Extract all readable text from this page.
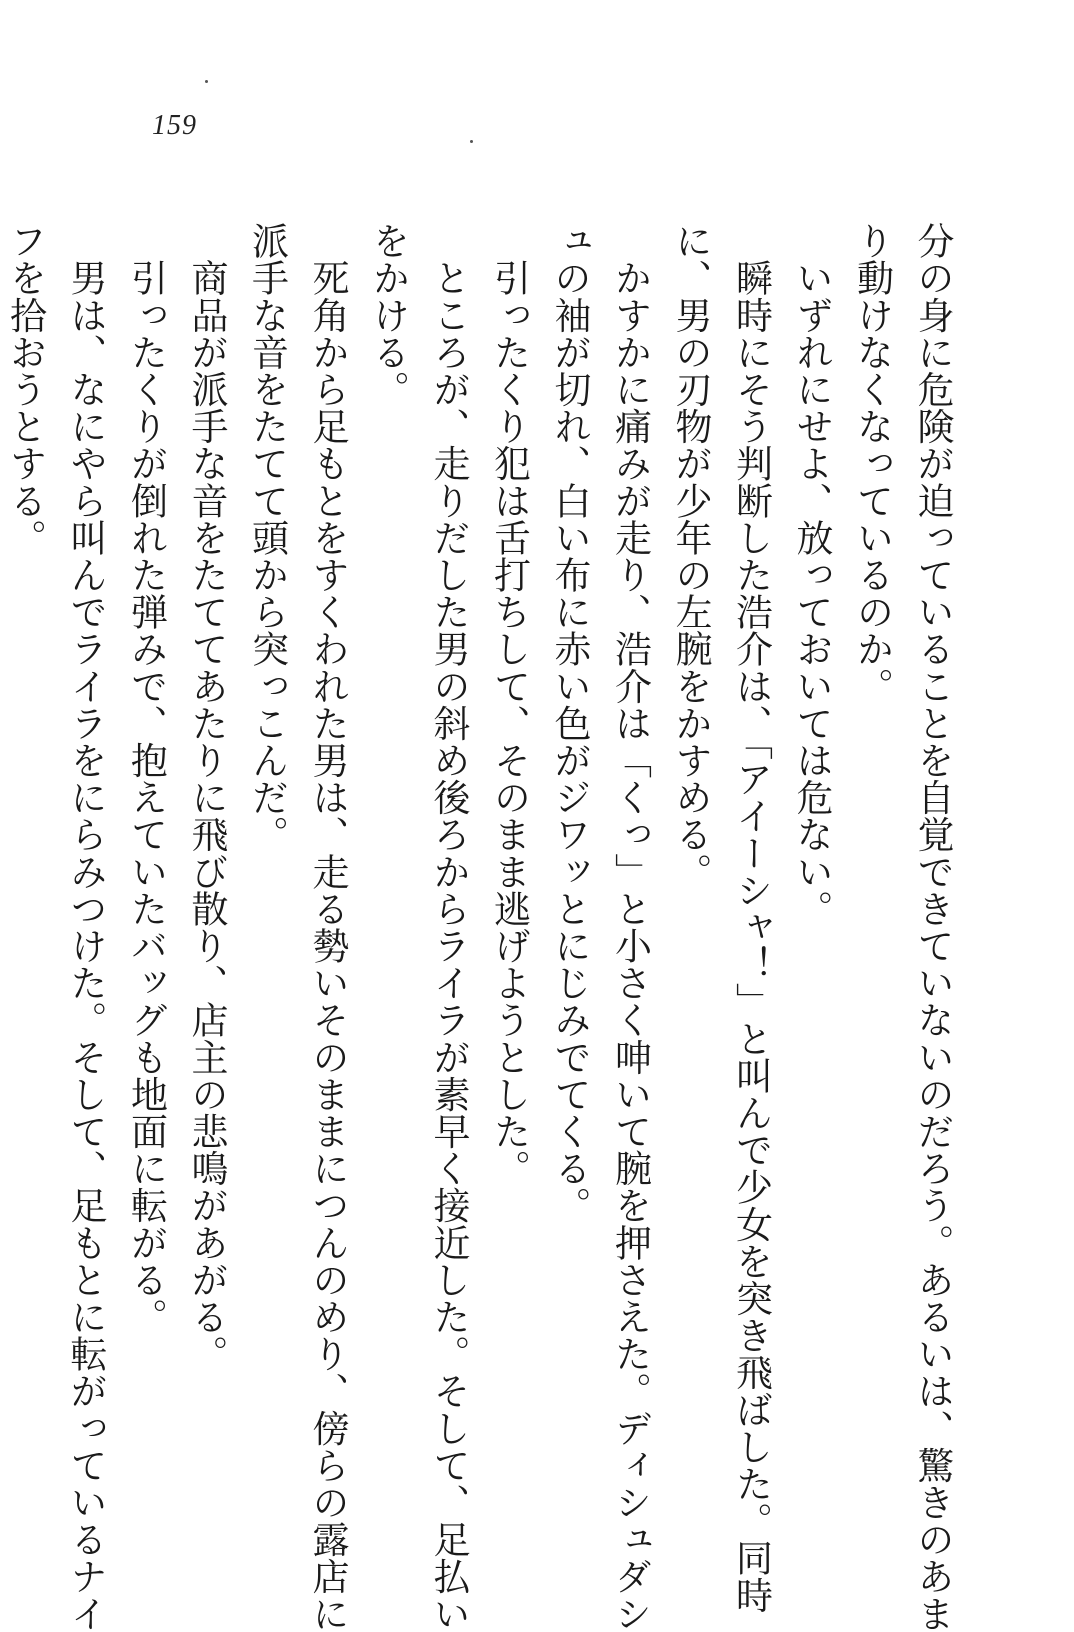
159
分の身に危険が迫っていることを自覚できていないのだろう。あるいは、驚きのあま
り動けなくなっているのか。
　いずれにせよ、放っておいては危ない。
　瞬時にそう判断した浩介は、「アイーシャ！」と叫んで少女を突き飛ばした。同時
に、男の刃物が少年の左腕をかすめる。
　かすかに痛みが走り、浩介は「くっ」と小さく呻いて腕を押さえた。ディシュダシ
ュの袖が切れ、白い布に赤い色がジワッとにじみでてくる。
　引ったくり犯は舌打ちして、そのまま逃げようとした。
　ところが、走りだした男の斜め後ろからライラが素早く接近した。そして、足払い
をかける。
　死角から足もとをすくわれた男は、走る勢いそのままにつんのめり、傍らの露店に
派手な音をたてて頭から突っこんだ。
　商品が派手な音をたててあたりに飛び散り、店主の悲鳴があがる。
　引ったくりが倒れた弾みで、抱えていたバッグも地面に転がる。
　男は、なにやら叫んでライラをにらみつけた。そして、足もとに転がっているナイ
フを拾おうとする。
